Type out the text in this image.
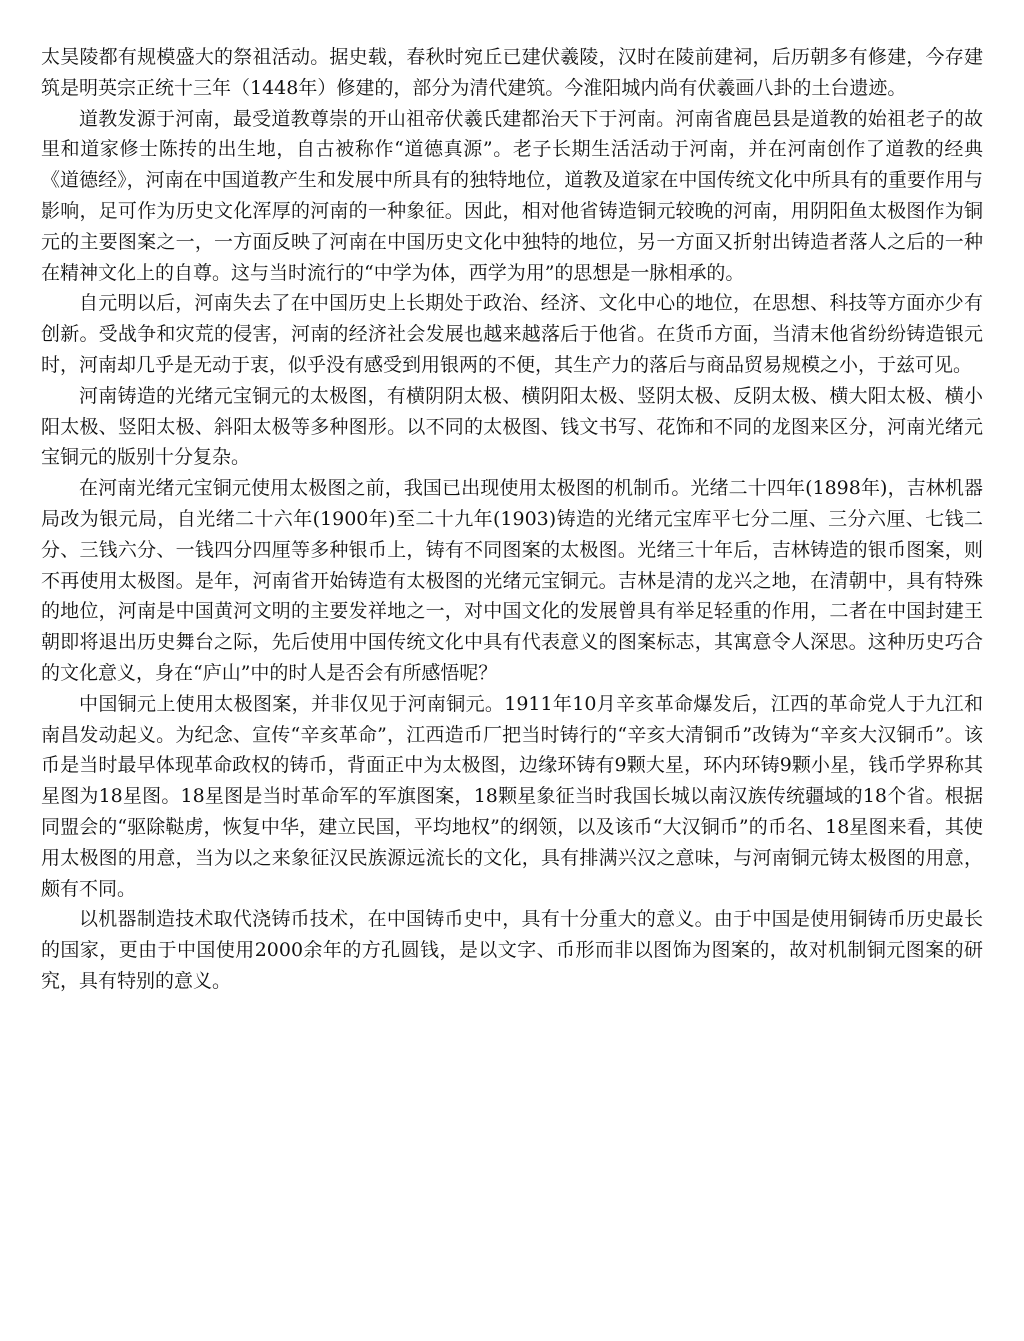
太昊陵都有规模盛大的祭祖活动。据史载，春秋时宛丘已建伏羲陵，汉时在陵前建祠，后历朝多有修建，今存建筑是明英宗正统十三年（1448年）修建的，部分为清代建筑。今淮阳城内尚有伏羲画八卦的土台遗迹。

道教发源于河南，最受道教尊崇的开山祖帝伏羲氏建都治天下于河南。河南省鹿邑县是道教的始祖老子的故里和道家修士陈抟的出生地，自古被称作“道德真源”。老子长期生活活动于河南，并在河南创作了道教的经典《道德经》，河南在中国道教产生和发展中所具有的独特地位，道教及道家在中国传统文化中所具有的重要作用与影响，足可作为历史文化浑厚的河南的一种象征。因此，相对他省铸造铜元较晚的河南，用阴阳鱼太极图作为铜元的主要图案之一，一方面反映了河南在中国历史文化中独特的地位，另一方面又折射出铸造者落人之后的一种在精神文化上的自尊。这与当时流行的“中学为体，西学为用”的思想是一脉相承的。

自元明以后，河南失去了在中国历史上长期处于政治、经济、文化中心的地位，在思想、科技等方面亦少有创新。受战争和灾荒的侵害，河南的经济社会发展也越来越落后于他省。在货币方面，当清末他省纷纷铸造银元时，河南却几乎是无动于衷，似乎没有感受到用银两的不便，其生产力的落后与商品贸易规模之小，于兹可见。

河南铸造的光绪元宝铜元的太极图，有横阴阴太极、横阴阳太极、竖阴太极、反阴太极、横大阳太极、横小阳太极、竖阳太极、斜阳太极等多种图形。以不同的太极图、钱文书写、花饰和不同的龙图来区分，河南光绪元宝铜元的版别十分复杂。

在河南光绪元宝铜元使用太极图之前，我国已出现使用太极图的机制币。光绪二十四年(1898年)，吉林机器局改为银元局，自光绪二十六年(1900年)至二十九年(1903)铸造的光绪元宝库平七分二厘、三分六厘、七钱二分、三钱六分、一钱四分四厘等多种银币上，铸有不同图案的太极图。光绪三十年后，吉林铸造的银币图案，则不再使用太极图。是年，河南省开始铸造有太极图的光绪元宝铜元。吉林是清的龙兴之地，在清朝中，具有特殊的地位，河南是中国黄河文明的主要发祥地之一，对中国文化的发展曾具有举足轻重的作用，二者在中国封建王朝即将退出历史舞台之际，先后使用中国传统文化中具有代表意义的图案标志，其寓意令人深思。这种历史巧合的文化意义，身在“庐山”中的时人是否会有所感悟呢？

中国铜元上使用太极图案，并非仅见于河南铜元。1911年10月辛亥革命爆发后，江西的革命党人于九江和南昌发动起义。为纪念、宣传“辛亥革命”，江西造币厂把当时铸行的“辛亥大清铜币”改铸为“辛亥大汉铜币”。该币是当时最早体现革命政权的铸币，背面正中为太极图，边缘环铸有9颗大星，环内环铸9颗小星，钱币学界称其星图为18星图。18星图是当时革命军的军旗图案，18颗星象征当时我国长城以南汉族传统疆域的18个省。根据同盟会的“驱除鞑虏，恢复中华，建立民国，平均地权”的纲领，以及该币“大汉铜币”的币名、18星图来看，其使用太极图的用意，当为以之来象征汉民族源远流长的文化，具有排满兴汉之意味，与河南铜元铸太极图的用意，颇有不同。

以机器制造技术取代浇铸币技术，在中国铸币史中，具有十分重大的意义。由于中国是使用铜铸币历史最长的国家，更由于中国使用2000余年的方孔圆钱，是以文字、币形而非以图饰为图案的，故对机制铜元图案的研究，具有特别的意义。
